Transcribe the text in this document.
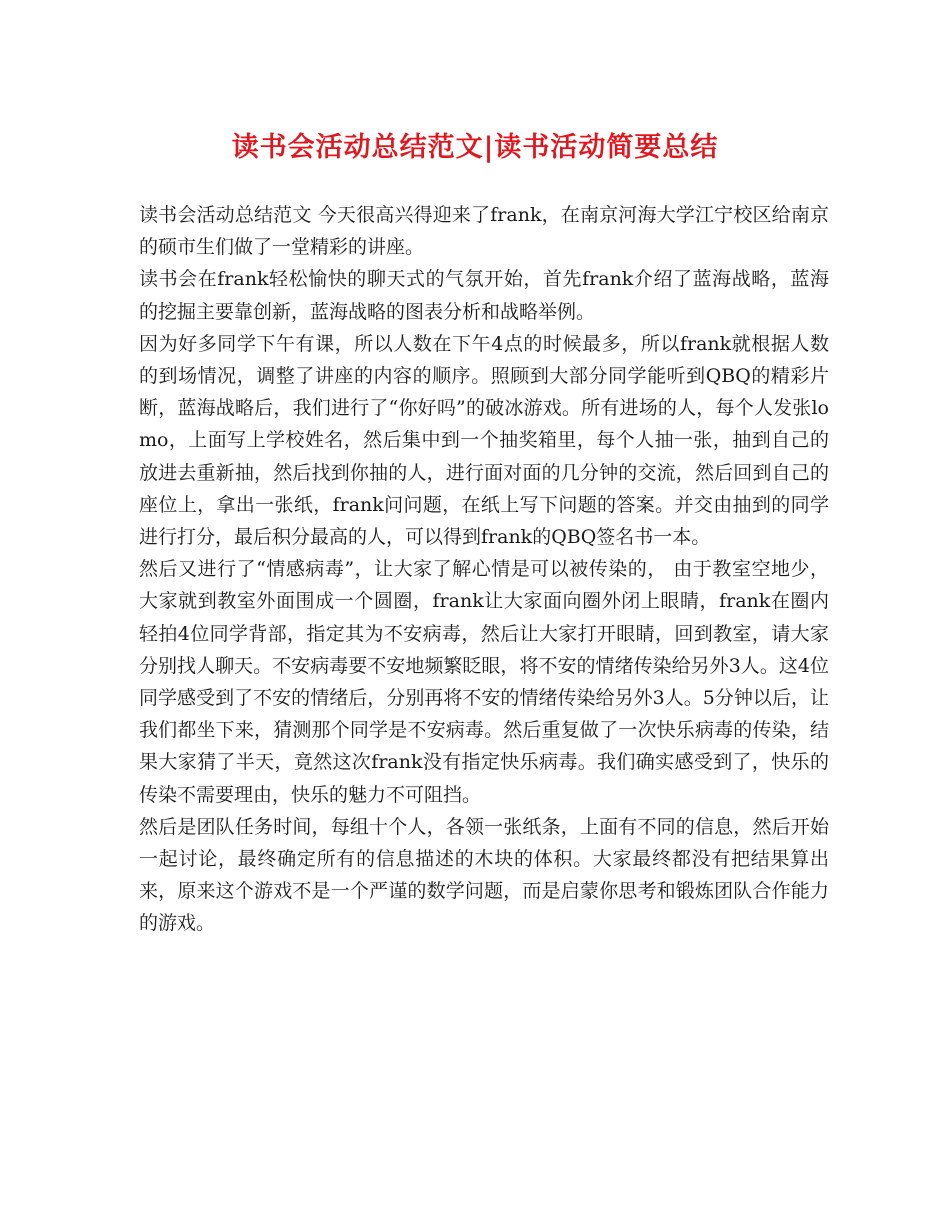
读书会活动总结范文|读书活动简要总结

读书会活动总结范文 今天很高兴得迎来了frank，在南京河海大学江宁校区给南京的硕市生们做了一堂精彩的讲座。

读书会在frank轻松愉快的聊天式的气氛开始，首先frank介绍了蓝海战略，蓝海的挖掘主要靠创新，蓝海战略的图表分析和战略举例。

因为好多同学下午有课，所以人数在下午4点的时候最多，所以frank就根据人数的到场情况，调整了讲座的内容的顺序。照顾到大部分同学能听到QBQ的精彩片断，蓝海战略后，我们进行了“你好吗”的破冰游戏。所有进场的人，每个人发张lomo，上面写上学校姓名，然后集中到一个抽奖箱里，每个人抽一张，抽到自己的放进去重新抽，然后找到你抽的人，进行面对面的几分钟的交流，然后回到自己的座位上，拿出一张纸，frank问问题，在纸上写下问题的答案。并交由抽到的同学进行打分，最后积分最高的人，可以得到frank的QBQ签名书一本。

然后又进行了“情感病毒”，让大家了解心情是可以被传染的， 由于教室空地少，大家就到教室外面围成一个圆圈，frank让大家面向圈外闭上眼睛，frank在圈内轻拍4位同学背部，指定其为不安病毒，然后让大家打开眼睛，回到教室，请大家分别找人聊天。不安病毒要不安地频繁眨眼，将不安的情绪传染给另外3人。这4位同学感受到了不安的情绪后，分别再将不安的情绪传染给另外3人。5分钟以后，让我们都坐下来，猜测那个同学是不安病毒。然后重复做了一次快乐病毒的传染，结果大家猜了半天，竟然这次frank没有指定快乐病毒。我们确实感受到了，快乐的传染不需要理由，快乐的魅力不可阻挡。

然后是团队任务时间，每组十个人，各领一张纸条，上面有不同的信息，然后开始一起讨论，最终确定所有的信息描述的木块的体积。大家最终都没有把结果算出来，原来这个游戏不是一个严谨的数学问题，而是启蒙你思考和锻炼团队合作能力的游戏。
